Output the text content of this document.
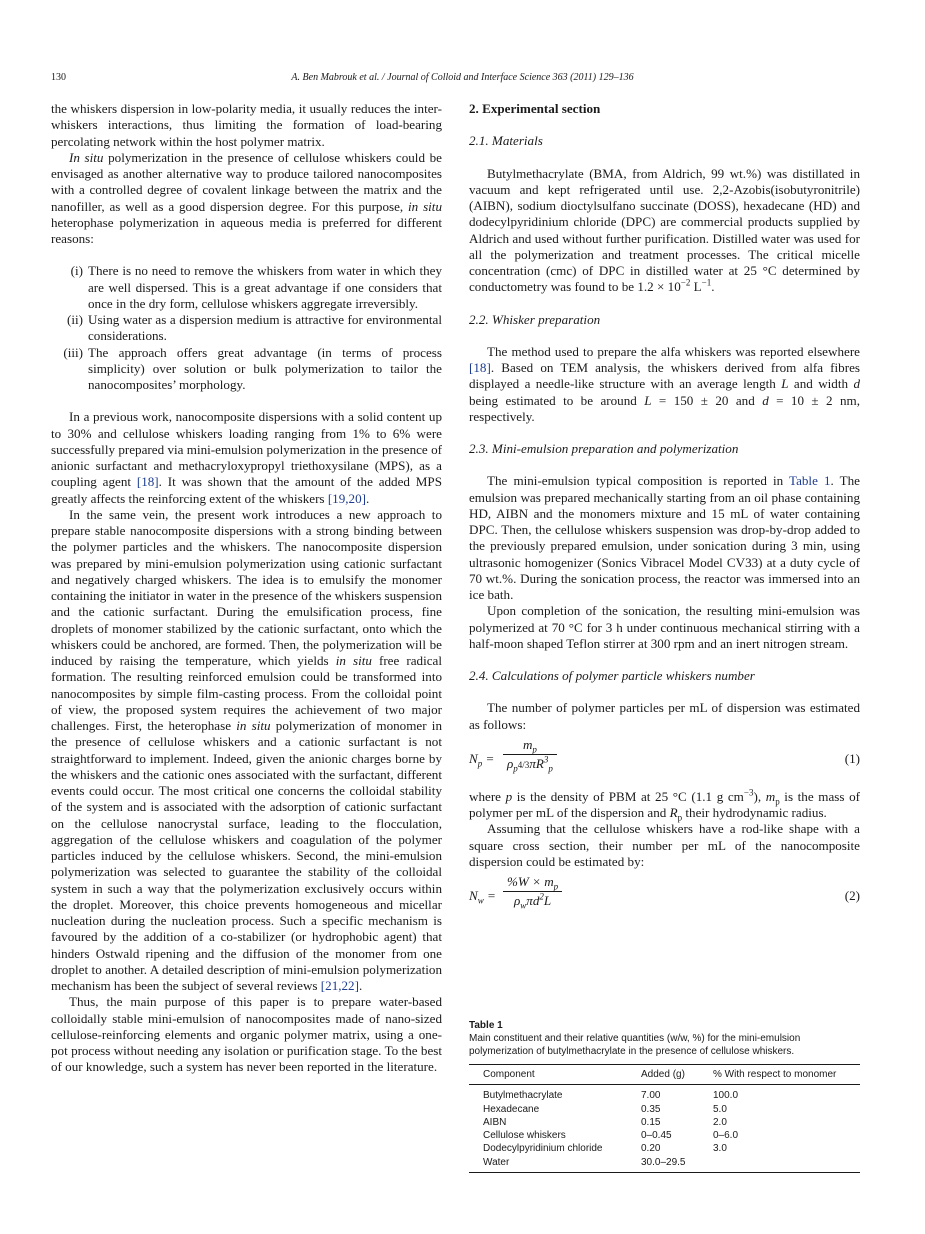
130	A. Ben Mabrouk et al. / Journal of Colloid and Interface Science 363 (2011) 129–136

the whiskers dispersion in low-polarity media, it usually reduces the inter-whiskers interactions, thus limiting the formation of load-bearing percolating network within the host polymer matrix.

In situ polymerization in the presence of cellulose whiskers could be envisaged as another alternative way to produce tailored nanocomposites with a controlled degree of covalent linkage between the matrix and the nanofiller, as well as a good dispersion degree. For this purpose, in situ heterophase polymerization in aqueous media is preferred for different reasons:

(i) There is no need to remove the whiskers from water in which they are well dispersed. This is a great advantage if one considers that once in the dry form, cellulose whiskers aggregate irreversibly.
(ii) Using water as a dispersion medium is attractive for environmental considerations.
(iii) The approach offers great advantage (in terms of process simplicity) over solution or bulk polymerization to tailor the nanocomposites’ morphology.

In a previous work, nanocomposite dispersions with a solid content up to 30% and cellulose whiskers loading ranging from 1% to 6% were successfully prepared via mini-emulsion polymerization in the presence of anionic surfactant and methacryloxypropyl triethoxysilane (MPS), as a coupling agent [18]. It was shown that the amount of the added MPS greatly affects the reinforcing extent of the whiskers [19,20].

In the same vein, the present work introduces a new approach to prepare stable nanocomposite dispersions with a strong binding between the polymer particles and the whiskers. The nanocomposite dispersion was prepared by mini-emulsion polymerization using cationic surfactant and negatively charged whiskers. The idea is to emulsify the monomer containing the initiator in water in the presence of the whiskers suspension and the cationic surfactant. During the emulsification process, fine droplets of monomer stabilized by the cationic surfactant, onto which the whiskers could be anchored, are formed. Then, the polymerization will be induced by raising the temperature, which yields in situ free radical formation. The resulting reinforced emulsion could be transformed into nanocomposites by simple film-casting process. From the colloidal point of view, the proposed system requires the achievement of two major challenges. First, the heterophase in situ polymerization of monomer in the presence of cellulose whiskers and a cationic surfactant is not straightforward to implement. Indeed, given the anionic charges borne by the whiskers and the cationic ones associated with the surfactant, different events could occur. The most critical one concerns the colloidal stability of the system and is associated with the adsorption of cationic surfactant on the cellulose nanocrystal surface, leading to the flocculation, aggregation of the cellulose whiskers and coagulation of the polymer particles induced by the cellulose whiskers. Second, the mini-emulsion polymerization was selected to guarantee the stability of the colloidal system in such a way that the polymerization exclusively occurs within the droplet. Moreover, this choice prevents homogeneous and micellar nucleation during the nucleation process. Such a specific mechanism is favoured by the addition of a co-stabilizer (or hydrophobic agent) that hinders Ostwald ripening and the diffusion of the monomer from one droplet to another. A detailed description of mini-emulsion polymerization mechanism has been the subject of several reviews [21,22].

Thus, the main purpose of this paper is to prepare water-based colloidally stable mini-emulsion of nanocomposites made of nano-sized cellulose-reinforcing elements and organic polymer matrix, using a one-pot process without needing any isolation or purification stage. To the best of our knowledge, such a system has never been reported in the literature.

2. Experimental section
2.1. Materials

Butylmethacrylate (BMA, from Aldrich, 99 wt.%) was distillated in vacuum and kept refrigerated until use. 2,2-Azobis(isobutyronitrile) (AIBN), sodium dioctylsulfano succinate (DOSS), hexadecane (HD) and dodecylpyridinium chloride (DPC) are commercial products supplied by Aldrich and used without further purification. Distilled water was used for all the polymerization and treatment processes. The critical micelle concentration (cmc) of DPC in distilled water at 25 °C determined by conductometry was found to be $1.2 \times 10^{-2}$ $L^{-1}$.

2.2. Whisker preparation

The method used to prepare the alfa whiskers was reported elsewhere [18]. Based on TEM analysis, the whiskers derived from alfa fibres displayed a needle-like structure with an average length L and width d being estimated to be around L = 150 ± 20 and d = 10 ± 2 nm, respectively.

2.3. Mini-emulsion preparation and polymerization

The mini-emulsion typical composition is reported in Table 1. The emulsion was prepared mechanically starting from an oil phase containing HD, AIBN and the monomers mixture and 15 mL of water containing DPC. Then, the cellulose whiskers suspension was drop-by-drop added to the previously prepared emulsion, under sonication during 3 min, using ultrasonic homogenizer (Sonics Vibracel Model CV33) at a duty cycle of 70 wt.%. During the sonication process, the reactor was immersed into an ice bath.

Upon completion of the sonication, the resulting mini-emulsion was polymerized at 70 °C for 3 h under continuous mechanical stirring with a half-moon shaped Teflon stirrer at 300 rpm and an inert nitrogen stream.

2.4. Calculations of polymer particle whiskers number

The number of polymer particles per mL of dispersion was estimated as follows:

$N_p$ =
$m_p$
$\rho_p4/3\pi R^3_p$
(1)

where p is the density of PBM at 25 °C (1.1 g $cm^{-3}$), $m_p$ is the mass of polymer per mL of the dispersion and $R_p$ their hydrodynamic radius.

Assuming that the cellulose whiskers have a rod-like shape with a square cross section, their number per mL of the nanocomposite dispersion could be estimated by:

$N_w$ =
$\%W \times m_p$
$\rho_w\pi d^2L$	(2)
Table 1
Main constituent and their relative quantities (w/w, %) for the mini-emulsion polymerization of butylmethacrylate in the presence of cellulose whiskers.
Component	Added (g)	% With respect to monomer
Butylmethacrylate	7.00	100.0
Hexadecane	0.35	5.0
AIBN	0.15	2.0
Cellulose whiskers	0–0.45	0–6.0
Dodecylpyridinium chloride	0.20	3.0
Water	30.0–29.5	
